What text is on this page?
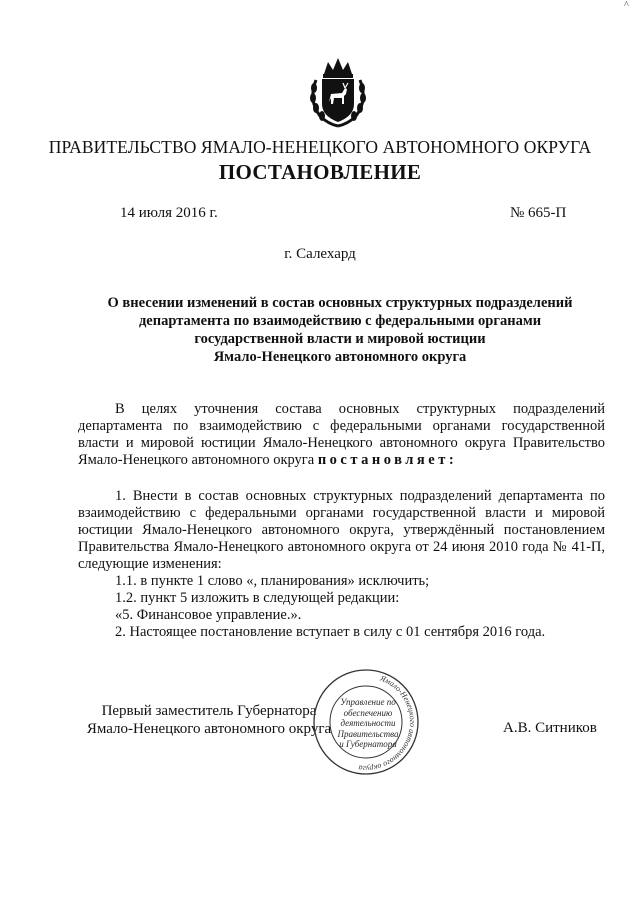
^
ПРАВИТЕЛЬСТВО ЯМАЛО-НЕНЕЦКОГО АВТОНОМНОГО ОКРУГА
ПОСТАНОВЛЕНИЕ
14 июля 2016 г.	№ 665-П
г. Салехард
О внесении изменений в состав основных структурных подразделений
департамента по взаимодействию с федеральными органами
государственной власти и мировой юстиции
Ямало-Ненецкого автономного округа
В целях уточнения состава основных структурных подразделений департамента по взаимодействию с федеральными органами государственной власти и мировой юстиции Ямало-Ненецкого автономного округа Правительство Ямало-Ненецкого автономного округа постановляет:
1. Внести в состав основных структурных подразделений департамента по взаимодействию с федеральными органами государственной власти и мировой юстиции Ямало-Ненецкого автономного округа, утверждённый постановлением Правительства Ямало-Ненецкого автономного округа от 24 июня 2010 года № 41-П, следующие изменения:
1.1. в пункте 1 слово «, планирования» исключить;
1.2. пункт 5 изложить в следующей редакции:
«5. Финансовое управление.».
2. Настоящее постановление вступает в силу с 01 сентября 2016 года.
Первый заместитель Губернатора
Ямало-Ненецкого автономного округа	А.В. Ситников
Ямало-Ненецкого автономного округа
Управление по
обеспечению
деятельности
Правительства
и Губернатора
